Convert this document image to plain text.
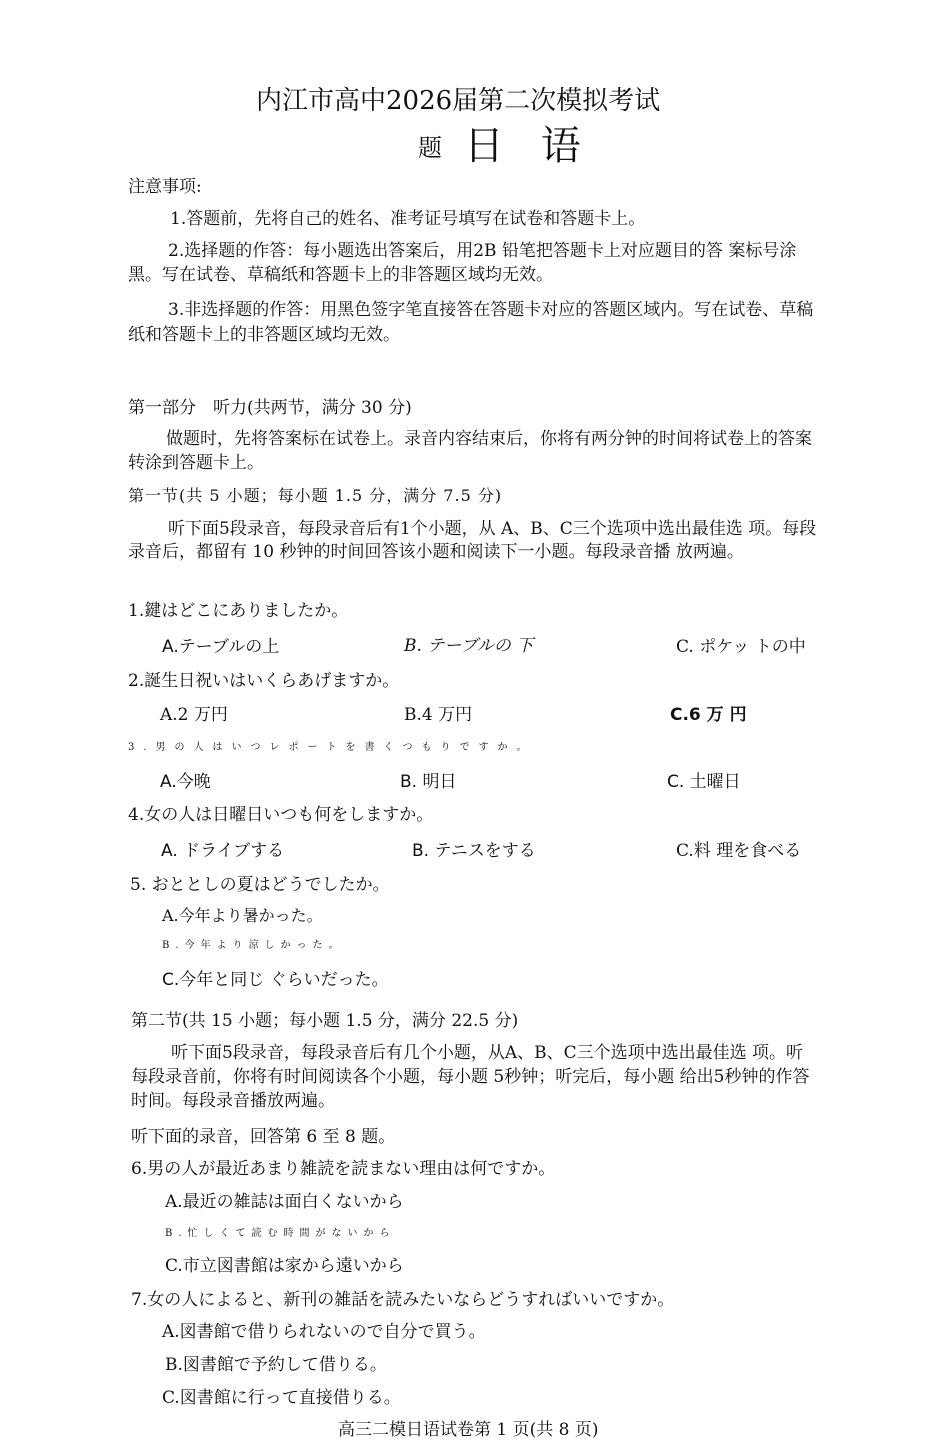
内江市高中2026届第二次模拟考试
题 日 语
注意事项:
1.答题前，先将自己的姓名、准考证号填写在试卷和答题卡上。
2.选择题的作答：每小题选出答案后，用2B 铅笔把答题卡上对应题目的答 案标号涂黑。写在试卷、草稿纸和答题卡上的非答题区域均无效。
3.非选择题的作答：用黑色签字笔直接答在答题卡对应的答题区域内。写在试卷、草稿纸和答题卡上的非答题区域均无效。
第一部分　听力(共两节，满分 30 分)
做题时，先将答案标在试卷上。录音内容结束后，你将有两分钟的时间将试卷上的答案转涂到答题卡上。
第一节(共 5 小题；每小题 1.5 分，满分 7.5 分)
听下面5段录音，每段录音后有1个小题，从 A、B、C三个选项中选出最佳选 项。每段录音后，都留有 10 秒钟的时间回答该小题和阅读下一小题。每段录音播 放两遍。
1.鍵はどこにありましたか。
A.テーブルの上	B. テーブルの 下	C. ポケッ トの中
2.誕生日祝いはいくらあげますか。
A.2 万円	B.4 万円	C.6 万 円
3.男の人はいつレポートを書くつもりですか。
A.今晚	B. 明日	C. 土曜日
4.女の人は日曜日いつも何をしますか。
A. ドライブする	B. テニスをする	C.料 理を食べる
5. おととしの夏はどうでしたか。
A.今年より暑かった。
B.今年より涼しかった。
C.今年と同じ ぐらいだった。
第二节(共 15 小题；每小题 1.5 分，满分 22.5 分)
听下面5段录音，每段录音后有几个小题，从A、B、C三个选项中选出最佳选 项。听每段录音前，你将有时间阅读各个小题，每小题 5秒钟；听完后，每小题 给出5秒钟的作答时间。每段录音播放两遍。
听下面的录音，回答第 6 至 8 题。
6.男の人が最近あまり雑読を読まない理由は何ですか。
A.最近の雑誌は面白くないから
B.忙しくて読む時間がないから
C.市立図書館は家から遠いから
7.女の人によると、新刊の雑話を読みたいならどうすればいいですか。
A.図書館で借りられないので自分で買う。
B.図書館で予約して借りる。
C.図書館に行って直接借りる。
高三二模日语试卷第 1 页(共 8 页)
